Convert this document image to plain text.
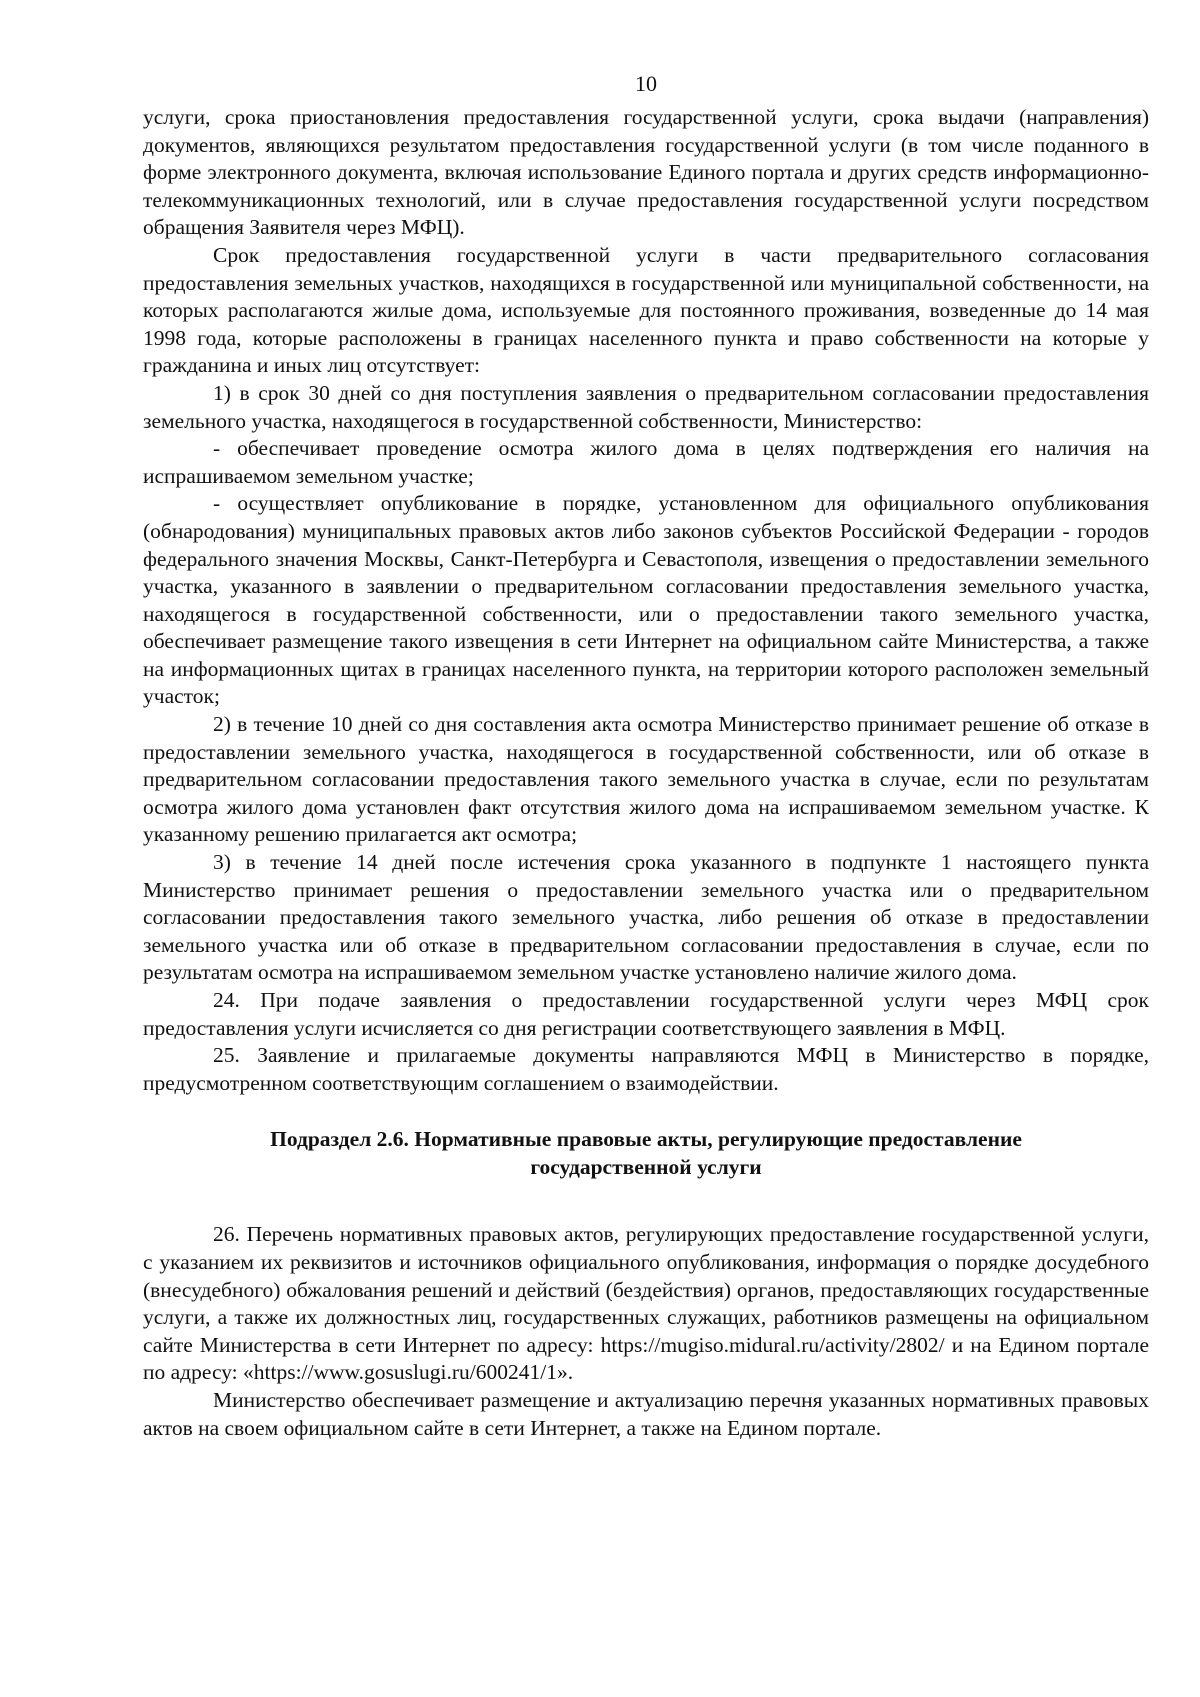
10

услуги, срока приостановления предоставления государственной услуги, срока выдачи (направления) документов, являющихся результатом предоставления государственной услуги (в том числе поданного в форме электронного документа, включая использование Единого портала и других средств информационно-телекоммуникационных технологий, или в случае предоставления государственной услуги посредством обращения Заявителя через МФЦ).

Срок предоставления государственной услуги в части предварительного согласования предоставления земельных участков, находящихся в государственной или муниципальной собственности, на которых располагаются жилые дома, используемые для постоянного проживания, возведенные до 14 мая 1998 года, которые расположены в границах населенного пункта и право собственности на которые у гражданина и иных лиц отсутствует:

1) в срок 30 дней со дня поступления заявления о предварительном согласовании предоставления земельного участка, находящегося в государственной собственности, Министерство:

- обеспечивает проведение осмотра жилого дома в целях подтверждения его наличия на испрашиваемом земельном участке;

- осуществляет опубликование в порядке, установленном для официального опубликования (обнародования) муниципальных правовых актов либо законов субъектов Российской Федерации - городов федерального значения Москвы, Санкт-Петербурга и Севастополя, извещения о предоставлении земельного участка, указанного в заявлении о предварительном согласовании предоставления земельного участка, находящегося в государственной собственности, или о предоставлении такого земельного участка, обеспечивает размещение такого извещения в сети Интернет на официальном сайте Министерства, а также на информационных щитах в границах населенного пункта, на территории которого расположен земельный участок;

2) в течение 10 дней со дня составления акта осмотра Министерство принимает решение об отказе в предоставлении земельного участка, находящегося в государственной собственности, или об отказе в предварительном согласовании предоставления такого земельного участка в случае, если по результатам осмотра жилого дома установлен факт отсутствия жилого дома на испрашиваемом земельном участке. К указанному решению прилагается акт осмотра;

3) в течение 14 дней после истечения срока указанного в подпункте 1 настоящего пункта Министерство принимает решения о предоставлении земельного участка или о предварительном согласовании предоставления такого земельного участка, либо решения об отказе в предоставлении земельного участка или об отказе в предварительном согласовании предоставления в случае, если по результатам осмотра на испрашиваемом земельном участке установлено наличие жилого дома.

24. При подаче заявления о предоставлении государственной услуги через МФЦ срок предоставления услуги исчисляется со дня регистрации соответствующего заявления в МФЦ.

25. Заявление и прилагаемые документы направляются МФЦ в Министерство в порядке, предусмотренном соответствующим соглашением о взаимодействии.

Подраздел 2.6. Нормативные правовые акты, регулирующие предоставление
государственной услуги

26. Перечень нормативных правовых актов, регулирующих предоставление государственной услуги, с указанием их реквизитов и источников официального опубликования, информация о порядке досудебного (внесудебного) обжалования решений и действий (бездействия) органов, предоставляющих государственные услуги, а также их должностных лиц, государственных служащих, работников размещены на официальном сайте Министерства в сети Интернет по адресу: https://mugiso.midural.ru/activity/2802/ и на Едином портале по адресу: «https://www.gosuslugi.ru/600241/1».

Министерство обеспечивает размещение и актуализацию перечня указанных нормативных правовых актов на своем официальном сайте в сети Интернет, а также на Едином портале.
